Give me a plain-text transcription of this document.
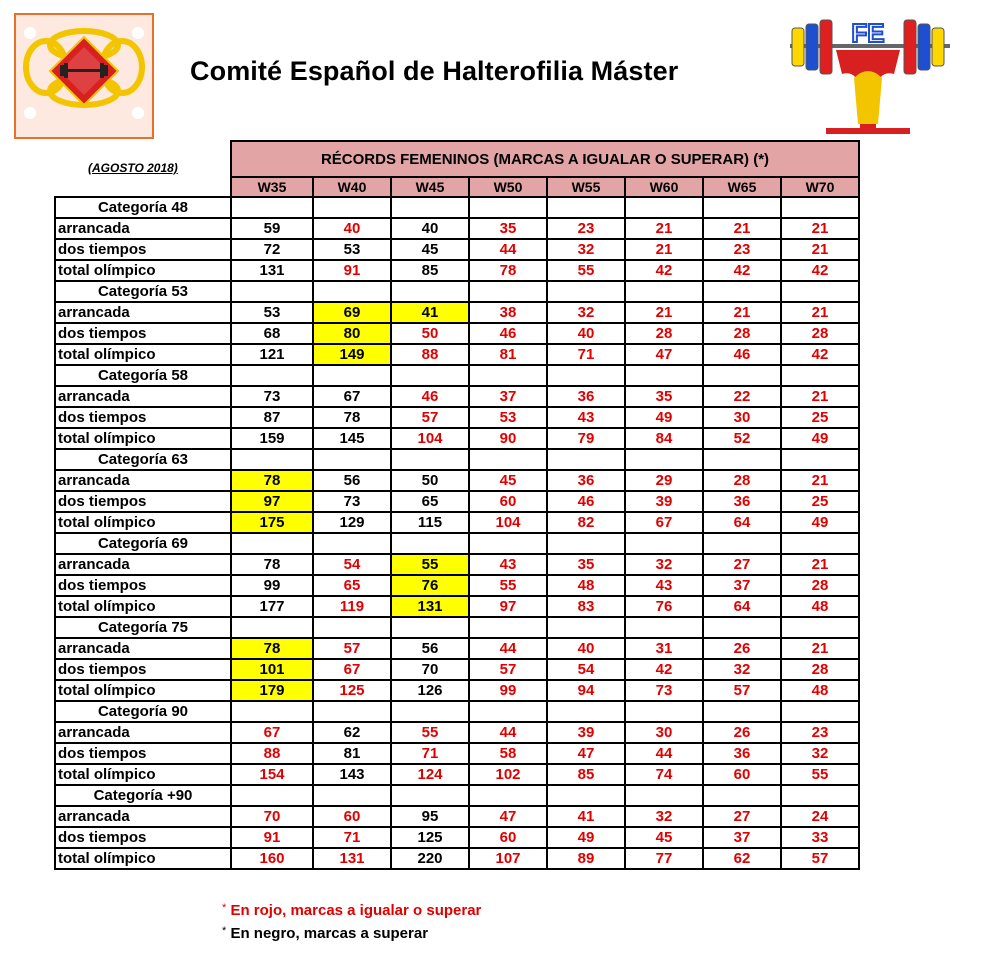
FE
Comité Español de Halterofilia Máster
(AGOSTO 2018)
	RÉCORDS FEMENINOS (MARCAS A IGUALAR O SUPERAR) (*)							
	W35	W40	W45	W50	W55	W60	W65	W70
Categoría 48								
arrancada	59	40	40	35	23	21	21	21
dos tiempos	72	53	45	44	32	21	23	21
total olímpico	131	91	85	78	55	42	42	42
Categoría 53								
arrancada	53	69	41	38	32	21	21	21
dos tiempos	68	80	50	46	40	28	28	28
total olímpico	121	149	88	81	71	47	46	42
Categoría 58								
arrancada	73	67	46	37	36	35	22	21
dos tiempos	87	78	57	53	43	49	30	25
total olímpico	159	145	104	90	79	84	52	49
Categoría 63								
arrancada	78	56	50	45	36	29	28	21
dos tiempos	97	73	65	60	46	39	36	25
total olímpico	175	129	115	104	82	67	64	49
Categoría 69								
arrancada	78	54	55	43	35	32	27	21
dos tiempos	99	65	76	55	48	43	37	28
total olímpico	177	119	131	97	83	76	64	48
Categoría 75								
arrancada	78	57	56	44	40	31	26	21
dos tiempos	101	67	70	57	54	42	32	28
total olímpico	179	125	126	99	94	73	57	48
Categoría 90								
arrancada	67	62	55	44	39	30	26	23
dos tiempos	88	81	71	58	47	44	36	32
total olímpico	154	143	124	102	85	74	60	55
Categoría +90								
arrancada	70	60	95	47	41	32	27	24
dos tiempos	91	71	125	60	49	45	37	33
total olímpico	160	131	220	107	89	77	62	57
* En rojo, marcas a igualar o superar
* En negro, marcas a superar
